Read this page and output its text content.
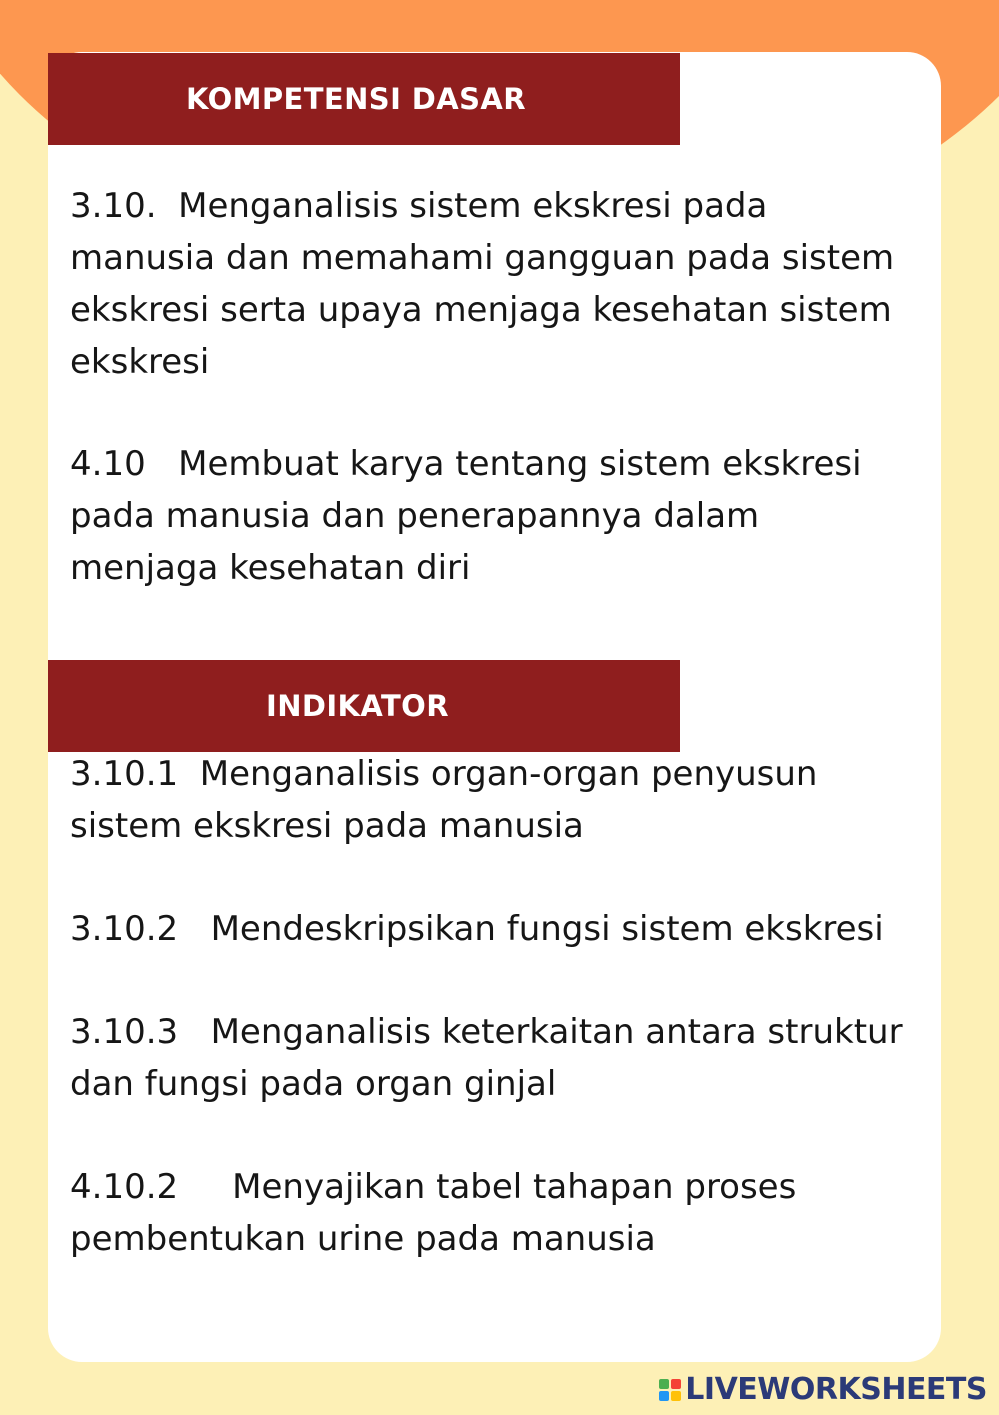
KOMPETENSI DASAR

3.10.  Menganalisis sistem ekskresi pada
manusia dan memahami gangguan pada sistem
ekskresi serta upaya menjaga kesehatan sistem
ekskresi

4.10   Membuat karya tentang sistem ekskresi
pada manusia dan penerapannya dalam
menjaga kesehatan diri

INDIKATOR

3.10.1  Menganalisis organ-organ penyusun
sistem ekskresi pada manusia

3.10.2   Mendeskripsikan fungsi sistem ekskresi

3.10.3   Menganalisis keterkaitan antara struktur
dan fungsi pada organ ginjal

4.10.2     Menyajikan tabel tahapan proses
pembentukan urine pada manusia

LIVEWORKSHEETS
